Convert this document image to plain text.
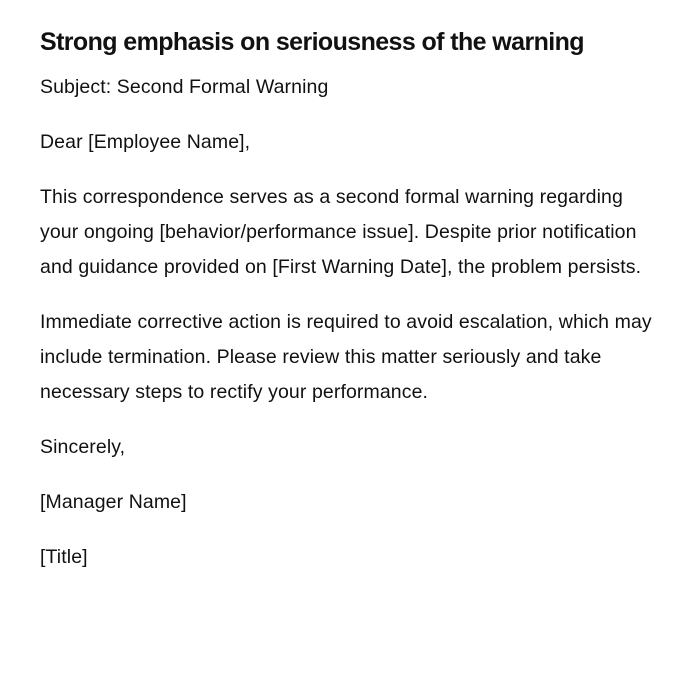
Strong emphasis on seriousness of the warning

Subject: Second Formal Warning

Dear [Employee Name],

This correspondence serves as a second formal warning regarding your ongoing [behavior/performance issue]. Despite prior notification and guidance provided on [First Warning Date], the problem persists.

Immediate corrective action is required to avoid escalation, which may include termination. Please review this matter seriously and take necessary steps to rectify your performance.

Sincerely,

[Manager Name]

[Title]
